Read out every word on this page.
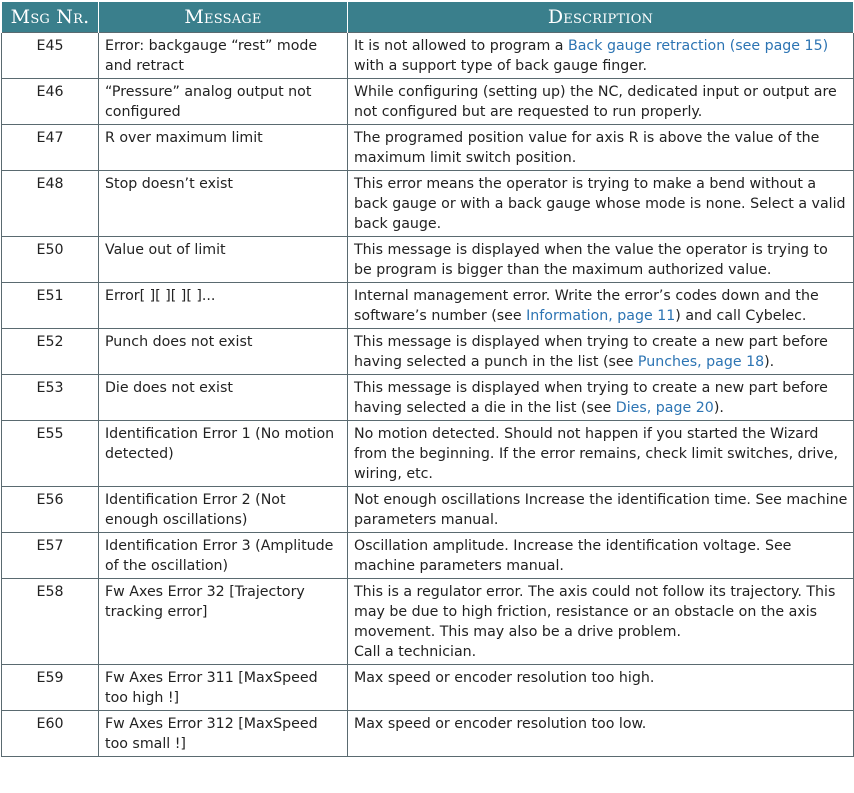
Msg Nr.	Message	Description
E45	Error: backgauge “rest” mode and retract	It is not allowed to program a Back gauge retraction (see page 15) with a support type of back gauge finger.
E46	“Pressure” analog output not configured	While configuring (setting up) the NC, dedicated input or output are not configured but are requested to run properly.
E47	R over maximum limit	The programed position value for axis R is above the value of the maximum limit switch position.
E48	Stop doesn’t exist	This error means the operator is trying to make a bend without a back gauge or with a back gauge whose mode is none. Select a valid back gauge.
E50	Value out of limit	This message is displayed when the value the operator is trying to be program is bigger than the maximum authorized value.
E51	Error[ ][ ][ ][ ]...	Internal management error. Write the error’s codes down and the software’s number (see Information, page 11) and call Cybelec.
E52	Punch does not exist	This message is displayed when trying to create a new part before having selected a punch in the list (see Punches, page 18).
E53	Die does not exist	This message is displayed when trying to create a new part before having selected a die in the list (see Dies, page 20).
E55	Identification Error 1 (No motion detected)	No motion detected. Should not happen if you started the Wizard from the beginning. If the error remains, check limit switches, drive, wiring, etc.
E56	Identification Error 2 (Not enough oscillations)	Not enough oscillations Increase the identification time. See machine parameters manual.
E57	Identification Error 3 (Amplitude of the oscillation)	Oscillation amplitude. Increase the identification voltage. See machine parameters manual.
E58	Fw Axes Error 32 [Trajectory tracking error]	This is a regulator error. The axis could not follow its trajectory. This may be due to high friction, resistance or an obstacle on the axis movement. This may also be a drive problem.
Call a technician.
E59	Fw Axes Error 311 [MaxSpeed too high !]	Max speed or encoder resolution too high.
E60	Fw Axes Error 312 [MaxSpeed too small !]	Max speed or encoder resolution too low.
